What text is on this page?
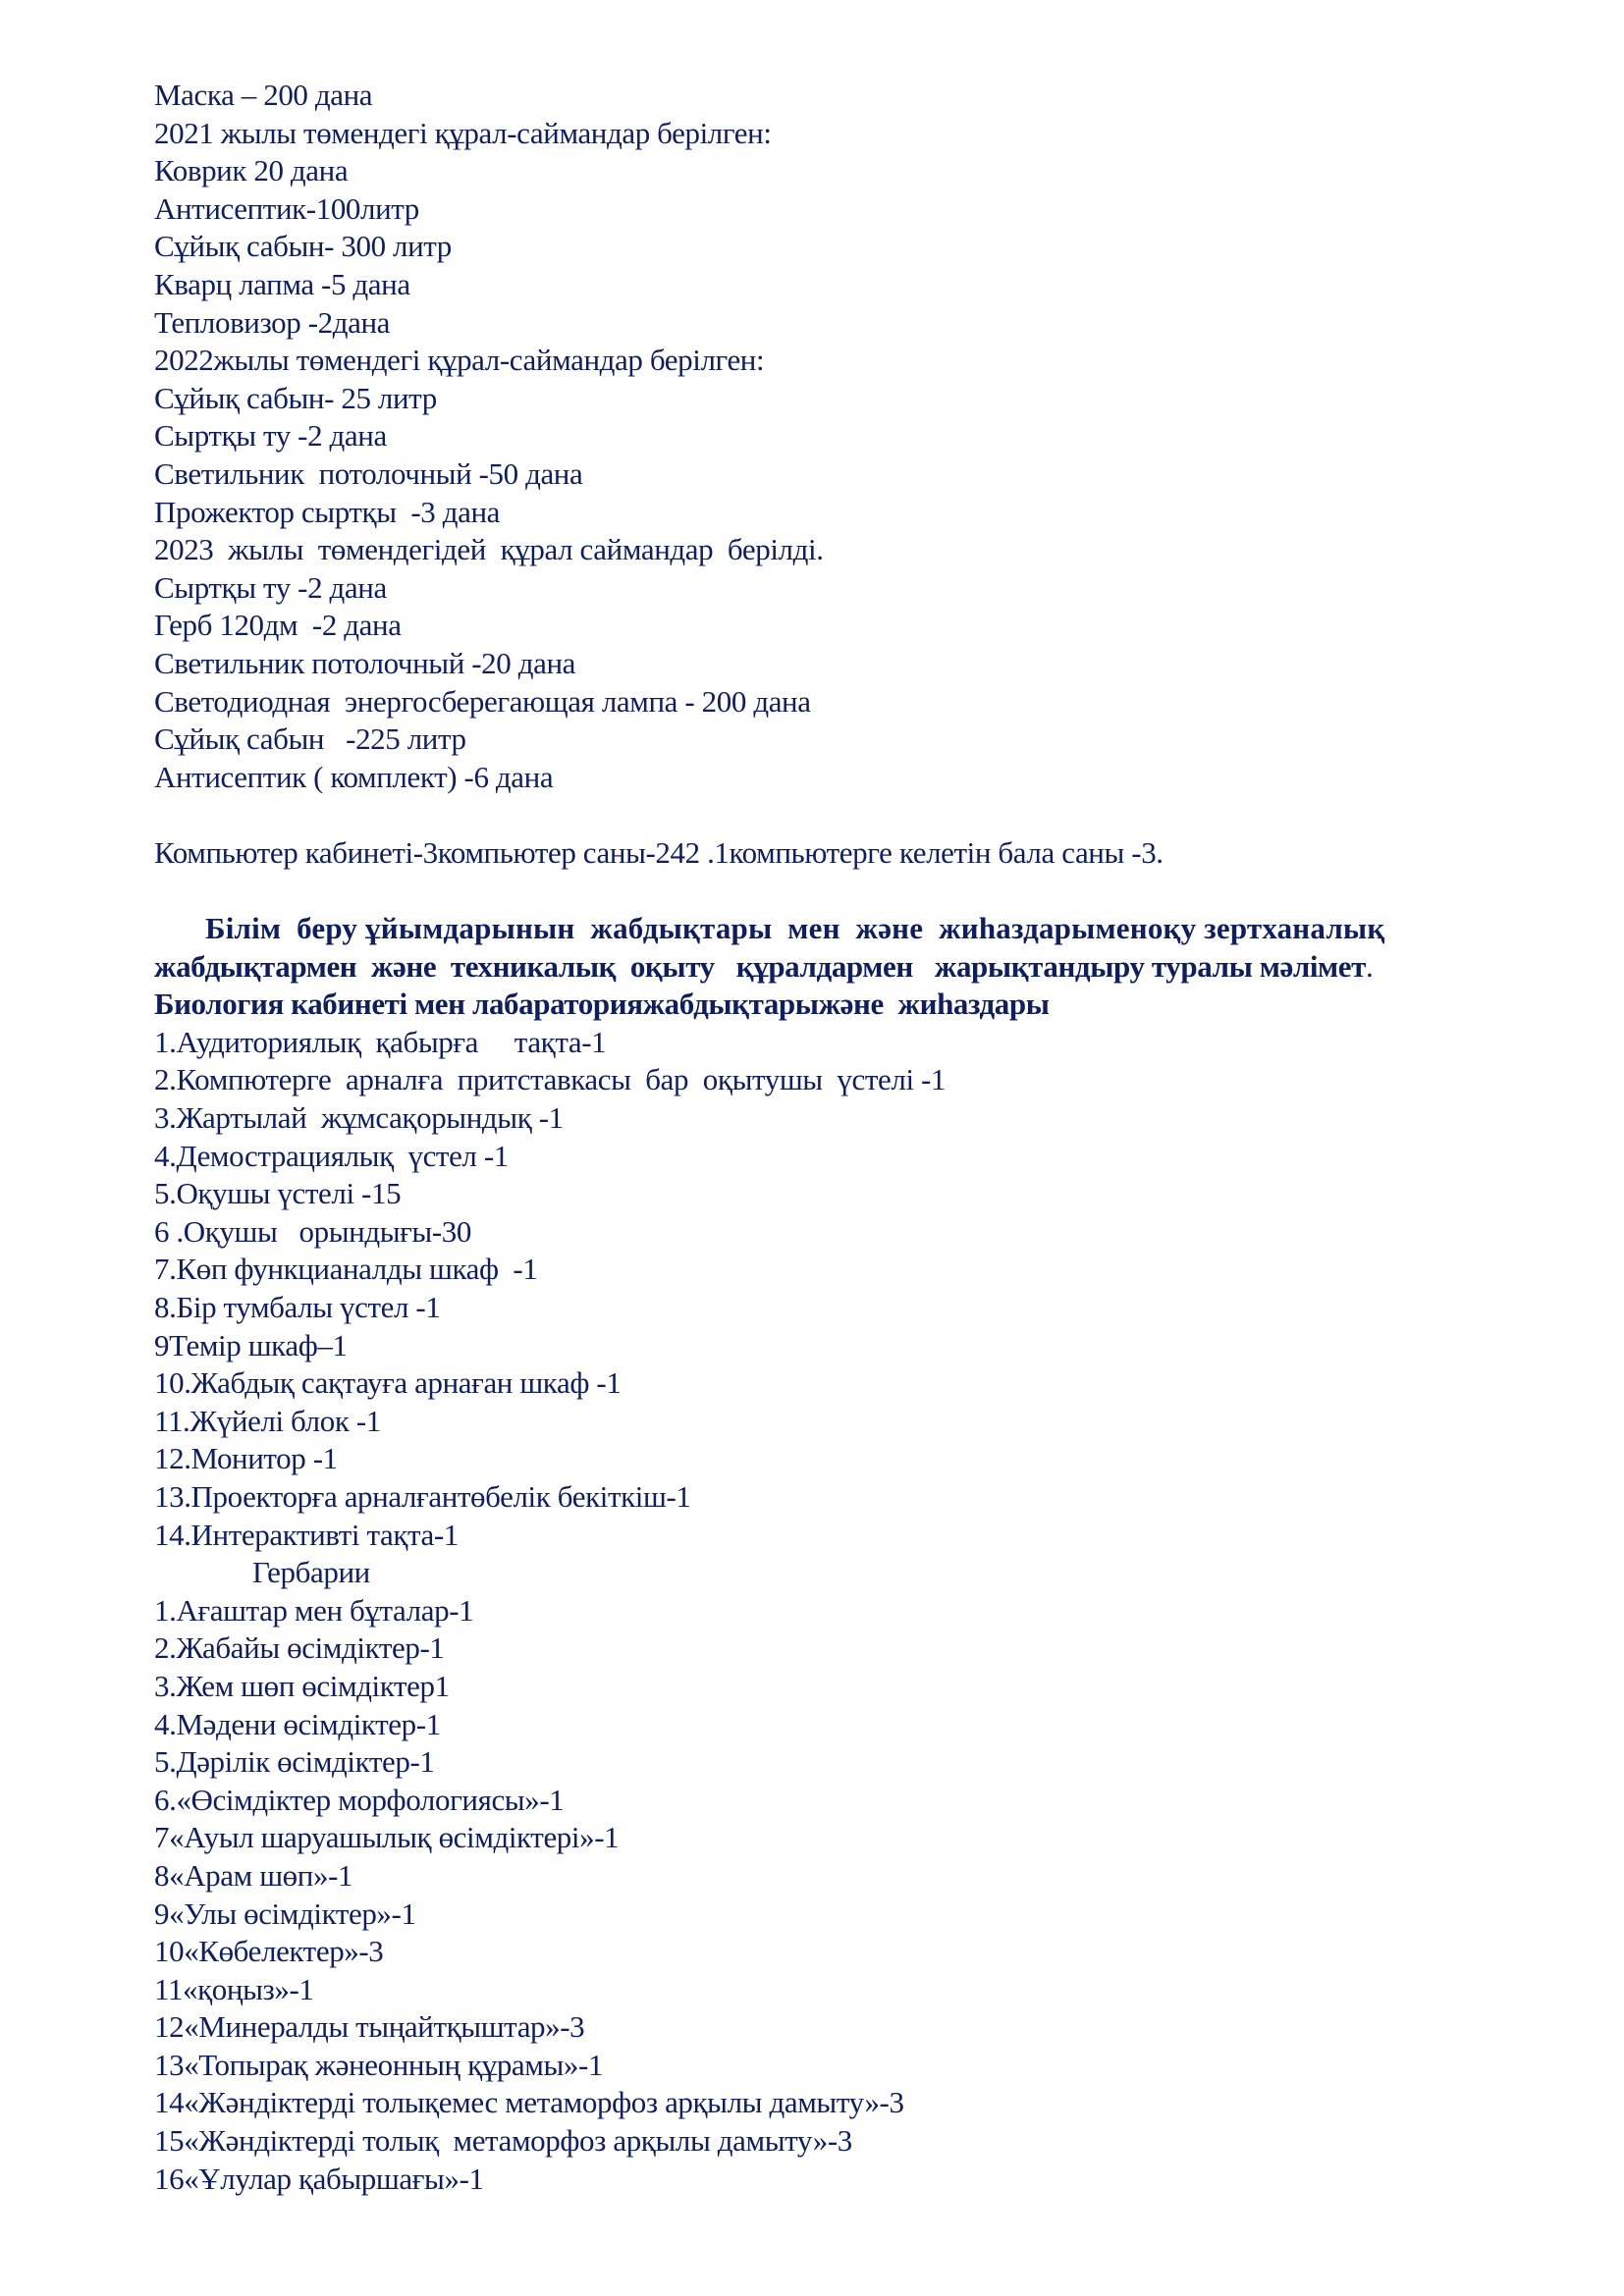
Маска – 200 дана
2021 жылы төмендегі құрал-саймандар берілген:
Коврик 20 дана
Антисептик-100литр
Сұйық сабын- 300 литр
Кварц лапма -5 дана
Тепловизор -2дана
2022жылы төмендегі құрал-саймандар берілген:
Сұйық сабын- 25 литр
Сыртқы ту -2 дана
Светильник  потолочный -50 дана
Прожектор сыртқы  -3 дана
2023  жылы  төмендегідей  құрал саймандар  берілді.
Сыртқы ту -2 дана
Герб 120дм  -2 дана
Светильник потолочный -20 дана
Светодиодная  энергосберегающая лампа - 200 дана
Сұйық сабын   -225 литр
Антисептик ( комплект) -6 дана
Компьютер кабинеті-3компьютер саны-242 .1компьютерге келетін бала саны -3.
Білім  беру ұйымдарынын  жабдықтары  мен  және  жиhаздарыменоқу зертханалық
жабдықтармен  және  техникалық  оқыту   құралдармен   жарықтандыру туралы мәлімет.
Биология кабинеті мен лабараторияжабдықтарыжәне  жиhаздары
1.Аудиториялық  қабырға     тақта-1
2.Компютерге  арналға  притставкасы  бар  оқытушы  үстелі -1
3.Жартылай  жұмсақорындық -1
4.Демострациялық  үстел -1
5.Оқушы үстелі -15
6 .Оқушы   орындығы-30
7.Көп функцианалды шкаф  -1
8.Бір тумбалы үстел -1
9Темір шкаф–1
10.Жабдық сақтауға арнаған шкаф -1
11.Жүйелі блок -1
12.Монитор -1
13.Проекторға арналғантөбелік бекіткіш-1
14.Интерактивті тақта-1
Гербарии
1.Ағаштар мен бұталар-1
2.Жабайы өсімдіктер-1
3.Жем шөп өсімдіктер1
4.Мәдени өсімдіктер-1
5.Дәрілік өсімдіктер-1
6.«Өсімдіктер морфологиясы»-1
7«Ауыл шаруашылық өсімдіктері»-1
8«Арам шөп»-1
9«Улы өсімдіктер»-1
10«Көбелектер»-3
11«қоңыз»-1
12«Минералды тыңайтқыштар»-3
13«Топырақ жәнеонның құрамы»-1
14«Жәндіктерді толықемес метаморфоз арқылы дамыту»-3
15«Жәндіктерді толық  метаморфоз арқылы дамыту»-3
16«Ұлулар қабыршағы»-1
